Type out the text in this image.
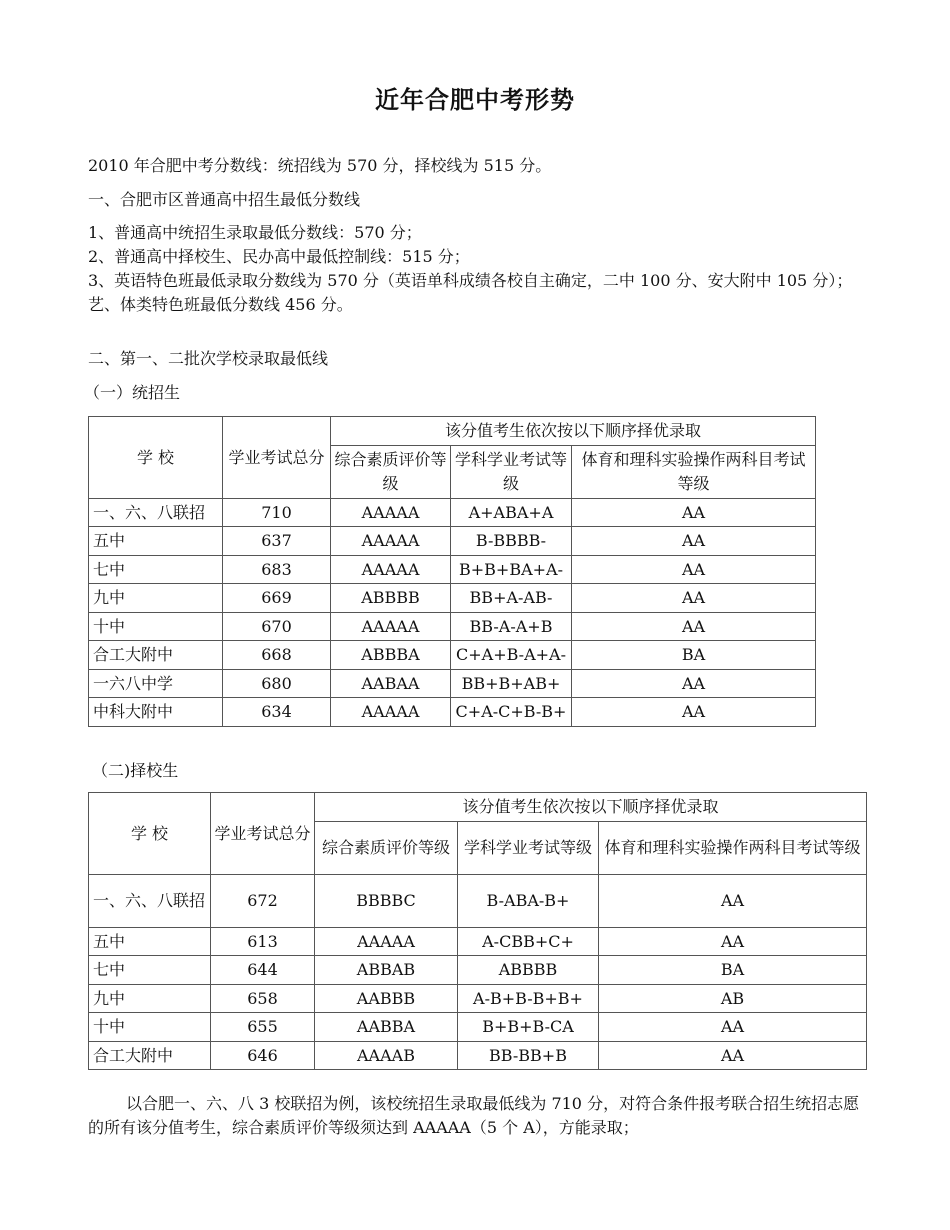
近年合肥中考形势
2010 年合肥中考分数线：统招线为 570 分，择校线为 515 分。
一、合肥市区普通高中招生最低分数线
1、普通高中统招生录取最低分数线：570 分；
2、普通高中择校生、民办高中最低控制线：515 分；
3、英语特色班最低录取分数线为 570 分（英语单科成绩各校自主确定，二中 100 分、安大附中 105 分）；艺、体类特色班最低分数线 456 分。
二、第一、二批次学校录取最低线
（一）统招生
学 校	学业考试总分	该分值考生依次按以下顺序择优录取		
		综合素质评价等级	学科学业考试等级	体育和理科实验操作两科目考试等级
一、六、八联招	710	AAAAA	A+ABA+A	AA
五中	637	AAAAA	B-BBBB-	AA
七中	683	AAAAA	B+B+BA+A-	AA
九中	669	ABBBB	BB+A-AB-	AA
十中	670	AAAAA	BB-A-A+B	AA
合工大附中	668	ABBBA	C+A+B-A+A-	BA
一六八中学	680	AABAA	BB+B+AB+	AA
中科大附中	634	AAAAA	C+A-C+B-B+	AA
（二)择校生
学 校	学业考试总分	该分值考生依次按以下顺序择优录取		
		综合素质评价等级	学科学业考试等级	体育和理科实验操作两科目考试等级
一、六、八联招	672	BBBBC	B-ABA-B+	AA
五中	613	AAAAA	A-CBB+C+	AA
七中	644	ABBAB	ABBBB	BA
九中	658	AABBB	A-B+B-B+B+	AB
十中	655	AABBA	B+B+B-CA	AA
合工大附中	646	AAAAB	BB-BB+B	AA
以合肥一、六、八 3 校联招为例，该校统招生录取最低线为 710 分，对符合条件报考联合招生统招志愿的所有该分值考生，综合素质评价等级须达到 AAAAA（5 个 A），方能录取；
